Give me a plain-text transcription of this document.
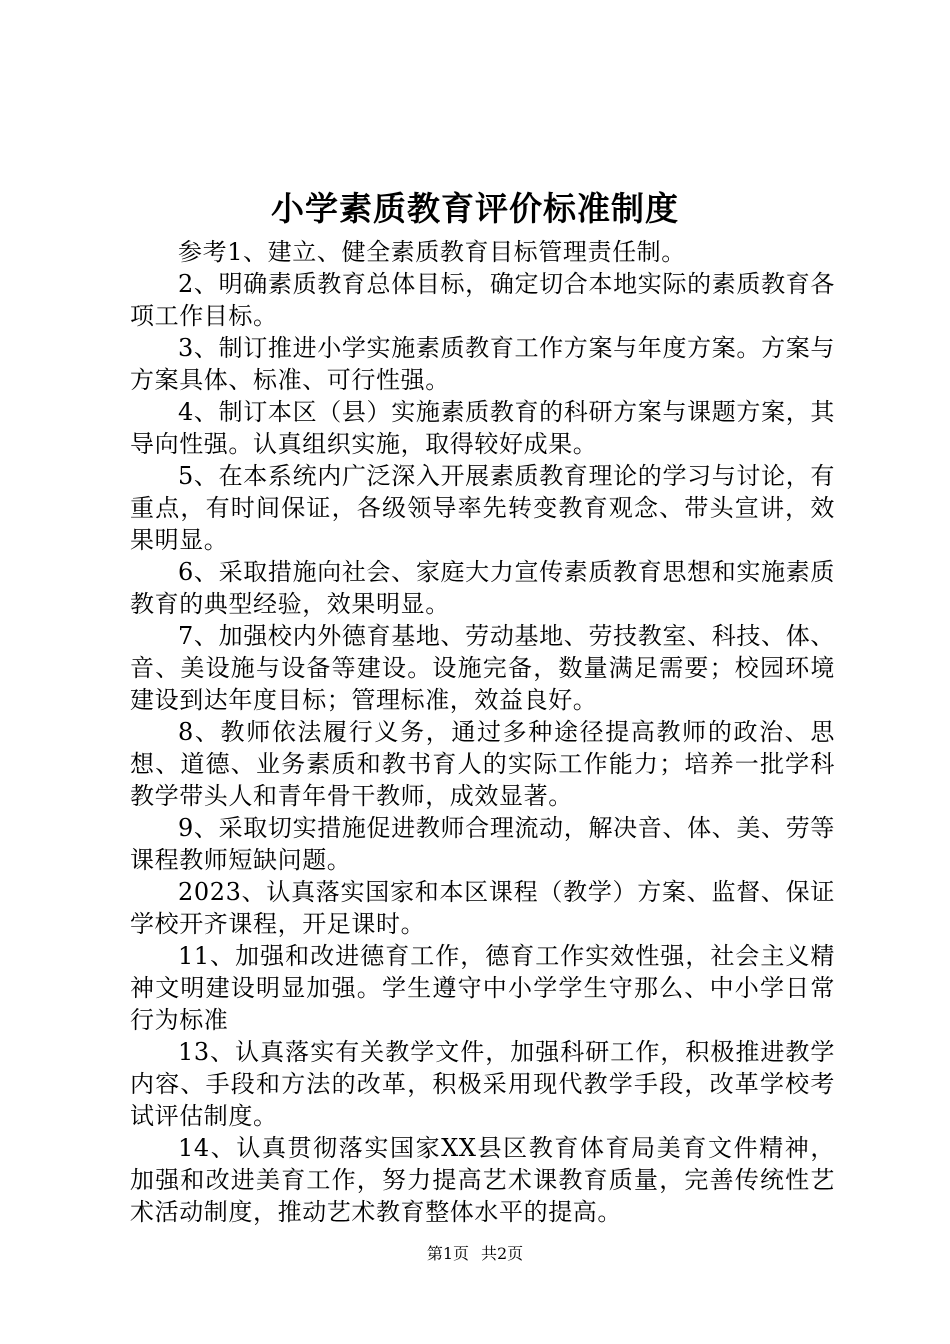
小学素质教育评价标准制度

参考1、建立、健全素质教育目标管理责任制。

2、明确素质教育总体目标，确定切合本地实际的素质教育各项工作目标。

3、制订推进小学实施素质教育工作方案与年度方案。方案与方案具体、标准、可行性强。

4、制订本区（县）实施素质教育的科研方案与课题方案，其导向性强。认真组织实施，取得较好成果。

5、在本系统内广泛深入开展素质教育理论的学习与讨论，有重点，有时间保证，各级领导率先转变教育观念、带头宣讲，效果明显。

6、采取措施向社会、家庭大力宣传素质教育思想和实施素质教育的典型经验，效果明显。

7、加强校内外德育基地、劳动基地、劳技教室、科技、体、音、美设施与设备等建设。设施完备，数量满足需要；校园环境建设到达年度目标；管理标准，效益良好。

8、教师依法履行义务，通过多种途径提高教师的政治、思想、道德、业务素质和教书育人的实际工作能力；培养一批学科教学带头人和青年骨干教师，成效显著。

9、采取切实措施促进教师合理流动，解决音、体、美、劳等课程教师短缺问题。

2023、认真落实国家和本区课程（教学）方案、监督、保证学校开齐课程，开足课时。

11、加强和改进德育工作，德育工作实效性强，社会主义精神文明建设明显加强。学生遵守中小学学生守那么、中小学日常行为标准

13、认真落实有关教学文件，加强科研工作，积极推进教学内容、手段和方法的改革，积极采用现代教学手段，改革学校考试评估制度。

14、认真贯彻落实国家XX县区教育体育局美育文件精神，加强和改进美育工作，努力提高艺术课教育质量，完善传统性艺术活动制度，推动艺术教育整体水平的提高。

第1页 共2页
